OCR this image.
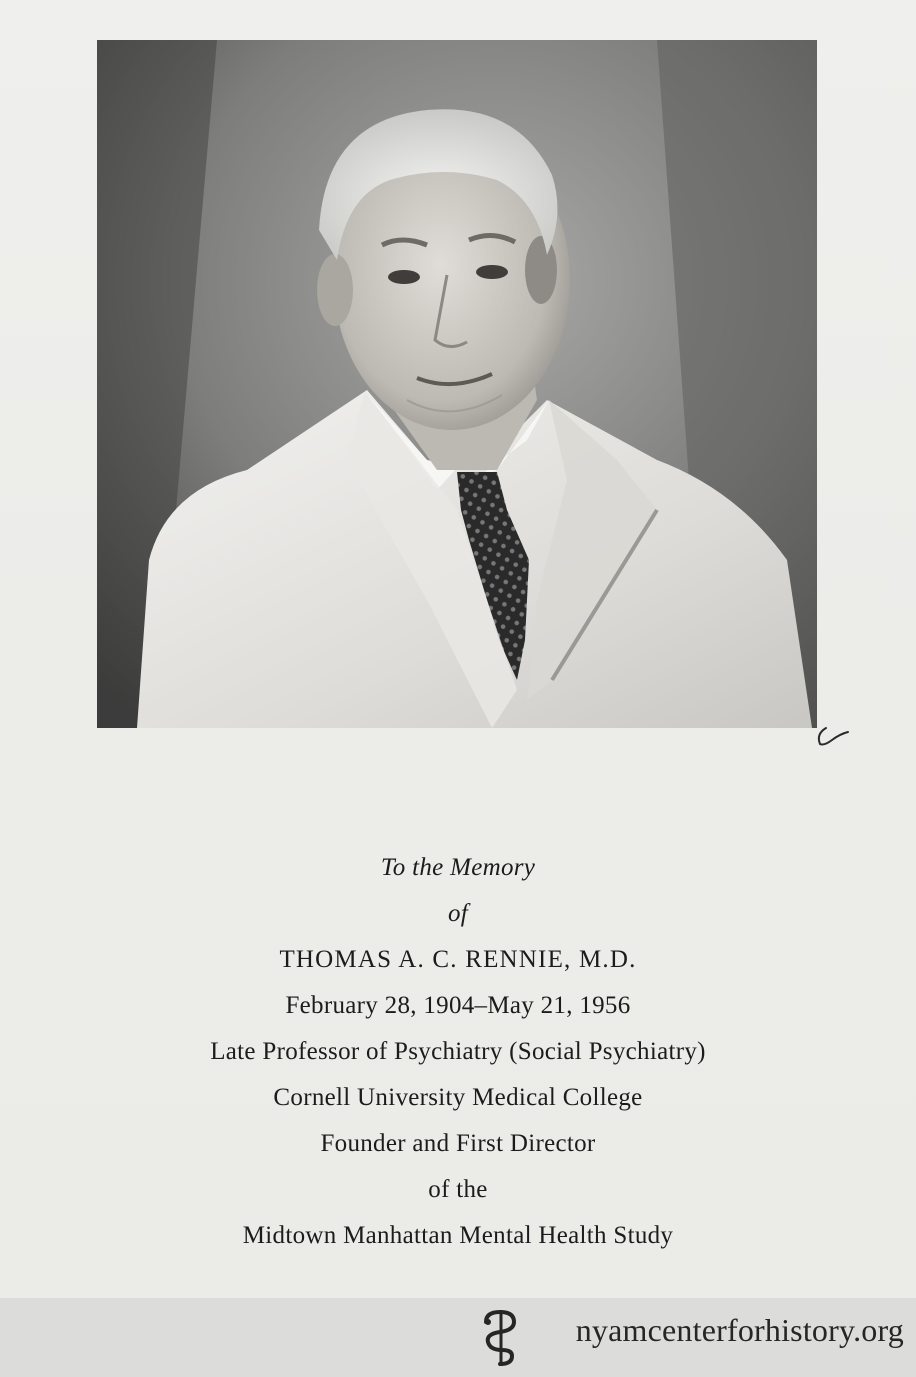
To the Memory
of
THOMAS A. C. RENNIE, M.D.
February 28, 1904–May 21, 1956
Late Professor of Psychiatry (Social Psychiatry)
Cornell University Medical College
Founder and First Director
of the
Midtown Manhattan Mental Health Study
nyamcenterforhistory.org
